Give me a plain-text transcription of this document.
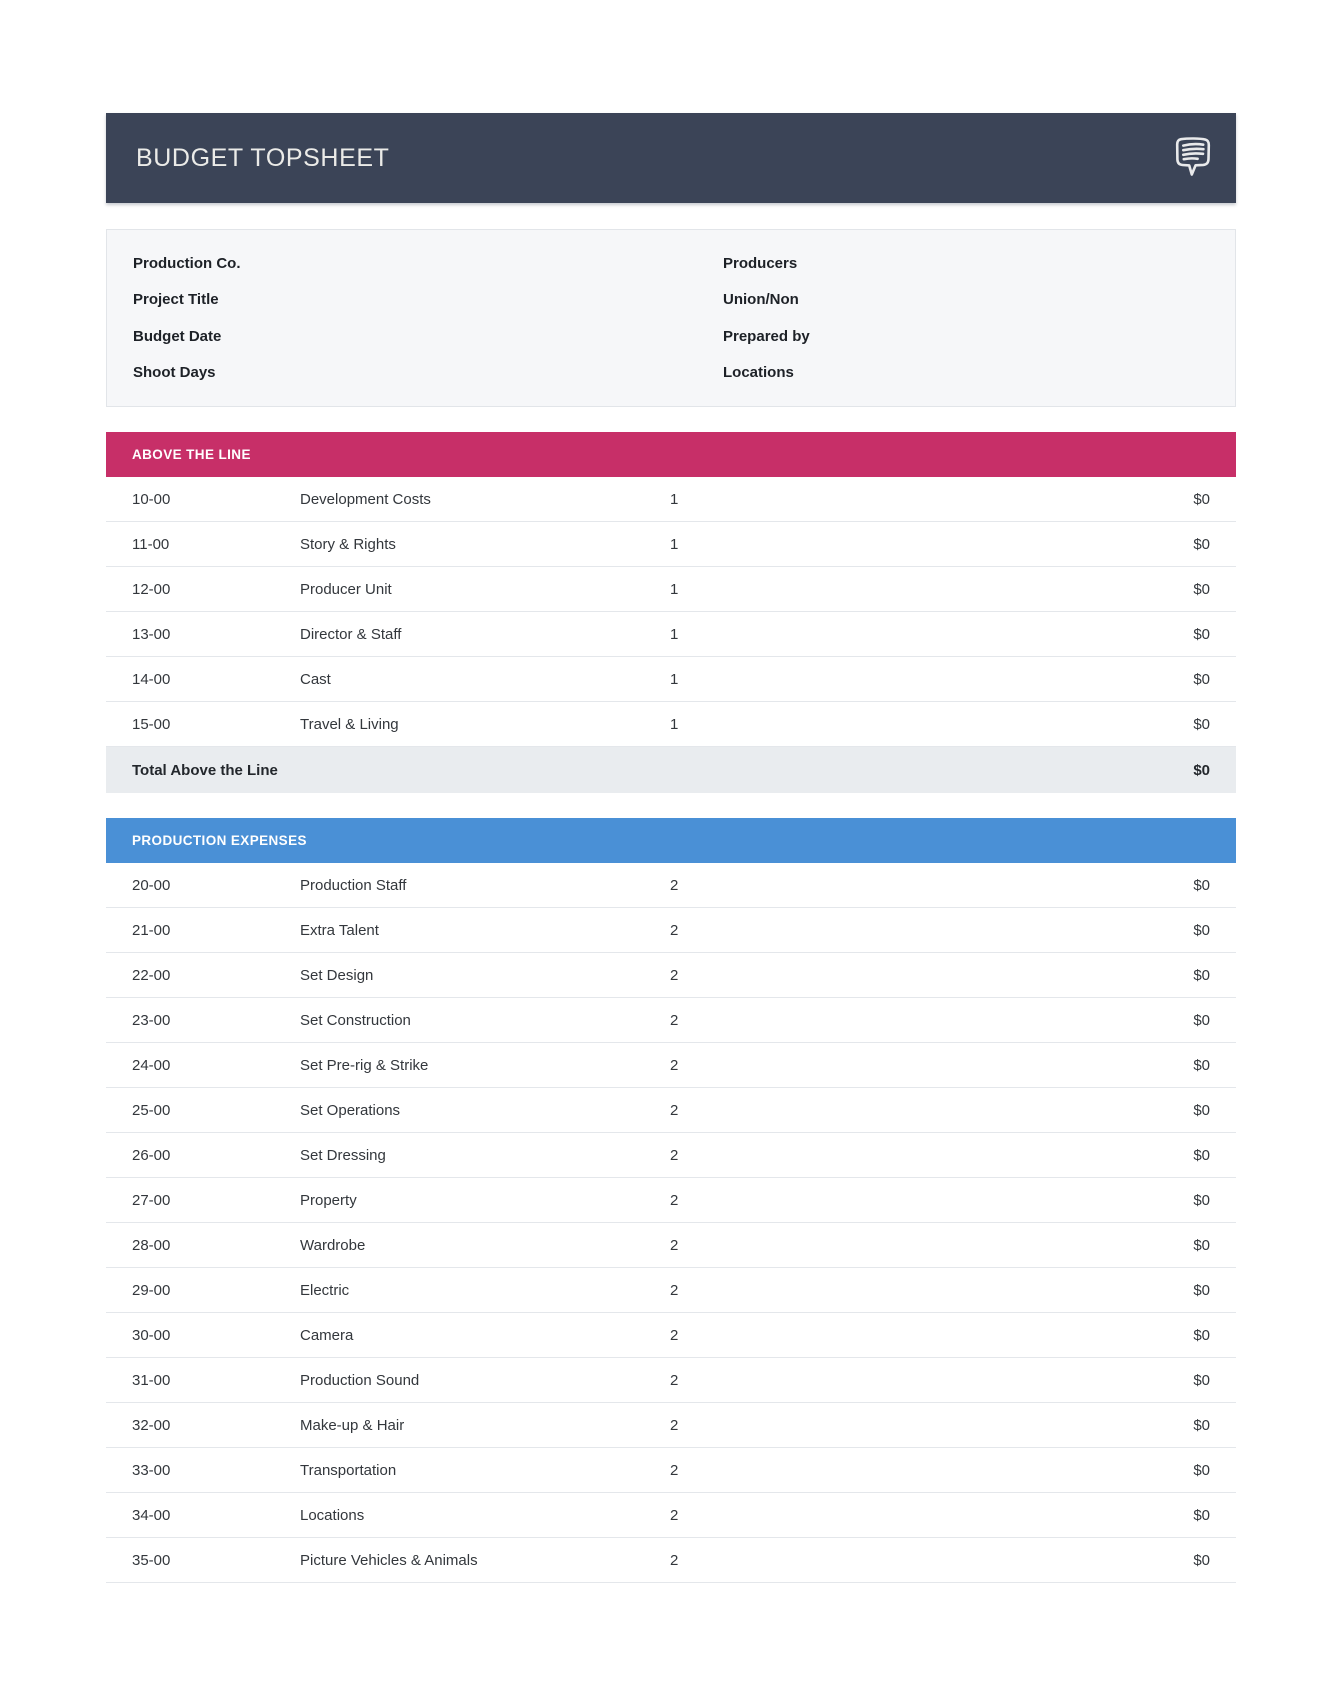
BUDGET TOPSHEET
Production Co.
Project Title
Budget Date
Shoot Days
Producers
Union/Non
Prepared by
Locations
ABOVE THE LINE
10-00	Development Costs	1	$0
11-00	Story & Rights	1	$0
12-00	Producer Unit	1	$0
13-00	Director & Staff	1	$0
14-00	Cast	1	$0
15-00	Travel & Living	1	$0
Total Above the Line	$0
PRODUCTION EXPENSES
20-00	Production Staff	2	$0
21-00	Extra Talent	2	$0
22-00	Set Design	2	$0
23-00	Set Construction	2	$0
24-00	Set Pre-rig & Strike	2	$0
25-00	Set Operations	2	$0
26-00	Set Dressing	2	$0
27-00	Property	2	$0
28-00	Wardrobe	2	$0
29-00	Electric	2	$0
30-00	Camera	2	$0
31-00	Production Sound	2	$0
32-00	Make-up & Hair	2	$0
33-00	Transportation	2	$0
34-00	Locations	2	$0
35-00	Picture Vehicles & Animals	2	$0
